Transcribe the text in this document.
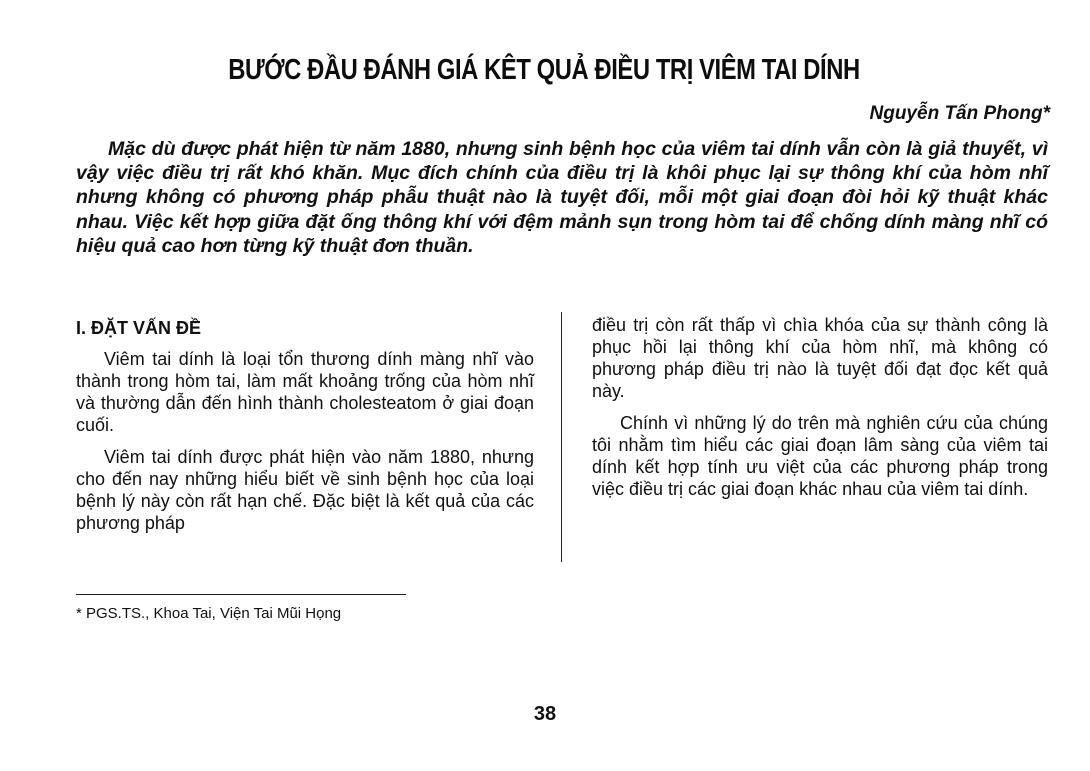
BƯỚC ĐẦU ĐÁNH GIÁ KÊT QUẢ ĐIỀU TRỊ VIÊM TAI DÍNH
Nguyễn Tấn Phong*

Mặc dù được phát hiện từ năm 1880, nhưng sinh bệnh học của viêm tai dính vẫn còn là giả thuyết, vì vậy việc điều trị rất khó khăn. Mục đích chính của điều trị là khôi phục lại sự thông khí của hòm nhĩ nhưng không có phương pháp phẫu thuật nào là tuyệt đối, mỗi một giai đoạn đòi hỏi kỹ thuật khác nhau. Việc kết hợp giữa đặt ống thông khí với đệm mảnh sụn trong hòm tai để chống dính màng nhĩ có hiệu quả cao hơn từng kỹ thuật đơn thuần.

I. ĐẶT VẤN ĐỀ

Viêm tai dính là loại tổn thương dính màng nhĩ vào thành trong hòm tai, làm mất khoảng trống của hòm nhĩ và thường dẫn đến hình thành cholesteatom ở giai đoạn cuối.

Viêm tai dính được phát hiện vào năm 1880, nhưng cho đến nay những hiểu biết về sinh bệnh học của loại bệnh lý này còn rất hạn chế. Đặc biệt là kết quả của các phương pháp

điều trị còn rất thấp vì chìa khóa của sự thành công là phục hồi lại thông khí của hòm nhĩ, mà không có phương pháp điều trị nào là tuyệt đối đạt đọc kết quả này.

Chính vì những lý do trên mà nghiên cứu của chúng tôi nhằm tìm hiểu các giai đoạn lâm sàng của viêm tai dính kết hợp tính ưu việt của các phương pháp trong việc điều trị các giai đoạn khác nhau của viêm tai dính.

* PGS.TS., Khoa Tai, Viện Tai Mũi Họng
38
